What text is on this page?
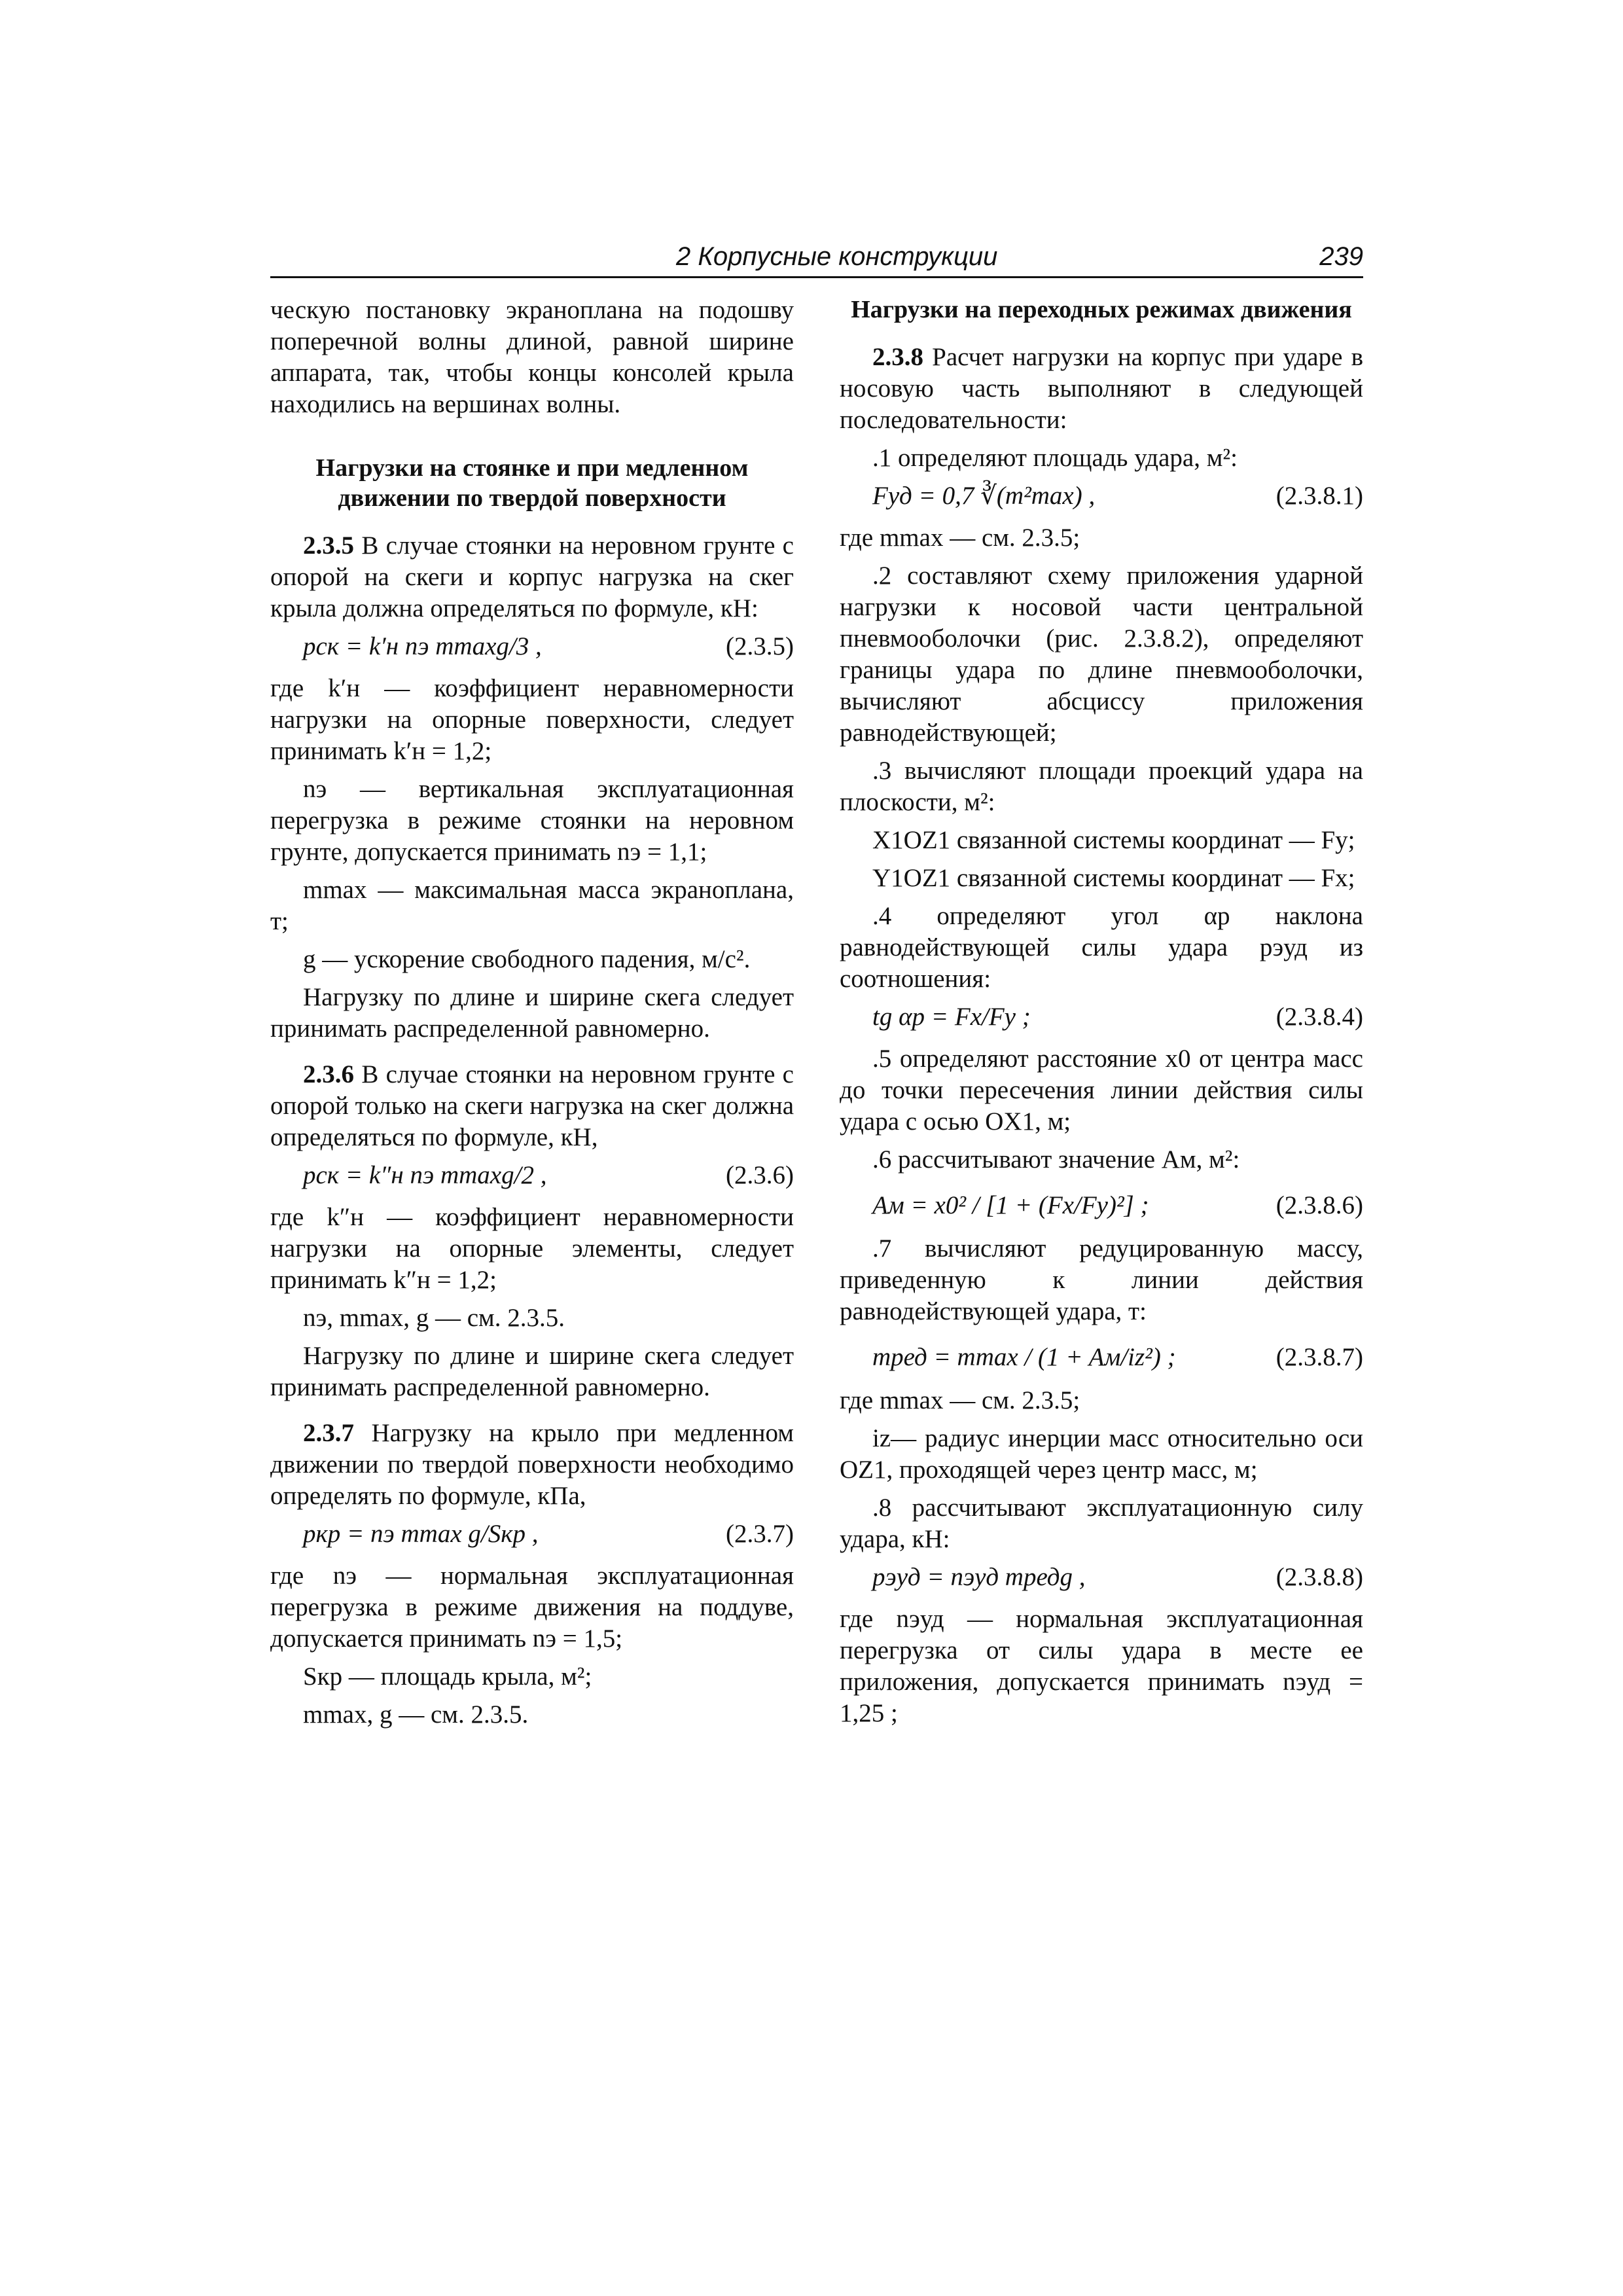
2 Корпусные конструкции	239

ческую постановку экраноплана на подошву поперечной волны длиной, равной ширине аппарата, так, чтобы концы консолей крыла находились на вершинах волны.

Нагрузки на стоянке и при медленном движении по твердой поверхности

2.3.5 В случае стоянки на неровном грунте с опорой на скеги и корпус нагрузка на скег крыла должна определяться по формуле, кН:

pск = k′н nэ mmaxg/3 ,	(2.3.5)

где k′н — коэффициент неравномерности нагрузки на опорные поверхности, следует принимать k′н = 1,2;

nэ — вертикальная эксплуатационная перегрузка в режиме стоянки на неровном грунте, допускается принимать nэ = 1,1;

mmax — максимальная масса экраноплана, т;

g — ускорение свободного падения, м/с².

Нагрузку по длине и ширине скега следует принимать распределенной равномерно.

2.3.6 В случае стоянки на неровном грунте с опорой только на скеги нагрузка на скег должна определяться по формуле, кН,

pск = k″н nэ mmaxg/2 ,	(2.3.6)

где k″н — коэффициент неравномерности нагрузки на опорные элементы, следует принимать k″н = 1,2;

nэ, mmax, g — см. 2.3.5.

Нагрузку по длине и ширине скега следует принимать распределенной равномерно.

2.3.7 Нагрузку на крыло при медленном движении по твердой поверхности необходимо определять по формуле, кПа,

pкр = nэ mmax g/Sкр ,	(2.3.7)

где nэ — нормальная эксплуатационная перегрузка в режиме движения на поддуве, допускается принимать nэ = 1,5;

Sкр — площадь крыла, м²;

mmax, g — см. 2.3.5.

Нагрузки на переходных режимах движения

2.3.8 Расчет нагрузки на корпус при ударе в носовую часть выполняют в следующей последовательности:

.1 определяют площадь удара, м²:

Fуд = 0,7 ∛(m²max) ,	(2.3.8.1)

где mmax — см. 2.3.5;

.2 составляют схему приложения ударной нагрузки к носовой части центральной пневмооболочки (рис. 2.3.8.2), определяют границы удара по длине пневмооболочки, вычисляют абсциссу приложения равнодействующей;

.3 вычисляют площади проекций удара на плоскости, м²:

X1OZ1 связанной системы координат — Fy;

Y1OZ1 связанной системы координат — Fx;

.4 определяют угол αр наклона равнодействующей силы удара pэуд из соотношения:

tg αр = Fx/Fy ;	(2.3.8.4)

.5 определяют расстояние x0 от центра масс до точки пересечения линии действия силы удара с осью OX1, м;

.6 рассчитывают значение Aм, м²:

Aм = x0² / [1 + (Fx/Fy)²] ;	(2.3.8.6)

.7 вычисляют редуцированную массу, приведенную к линии действия равнодействующей удара, т:

mред = mmax / (1 + Aм/iz²) ;	(2.3.8.7)

где mmax — см. 2.3.5;

iz— радиус инерции масс относительно оси OZ1, проходящей через центр масс, м;

.8 рассчитывают эксплуатационную силу удара, кН:

pэуд = nэуд mредg ,	(2.3.8.8)

где nэуд — нормальная эксплуатационная перегрузка от силы удара в месте ее приложения, допускается принимать nэуд = 1,25 ;
